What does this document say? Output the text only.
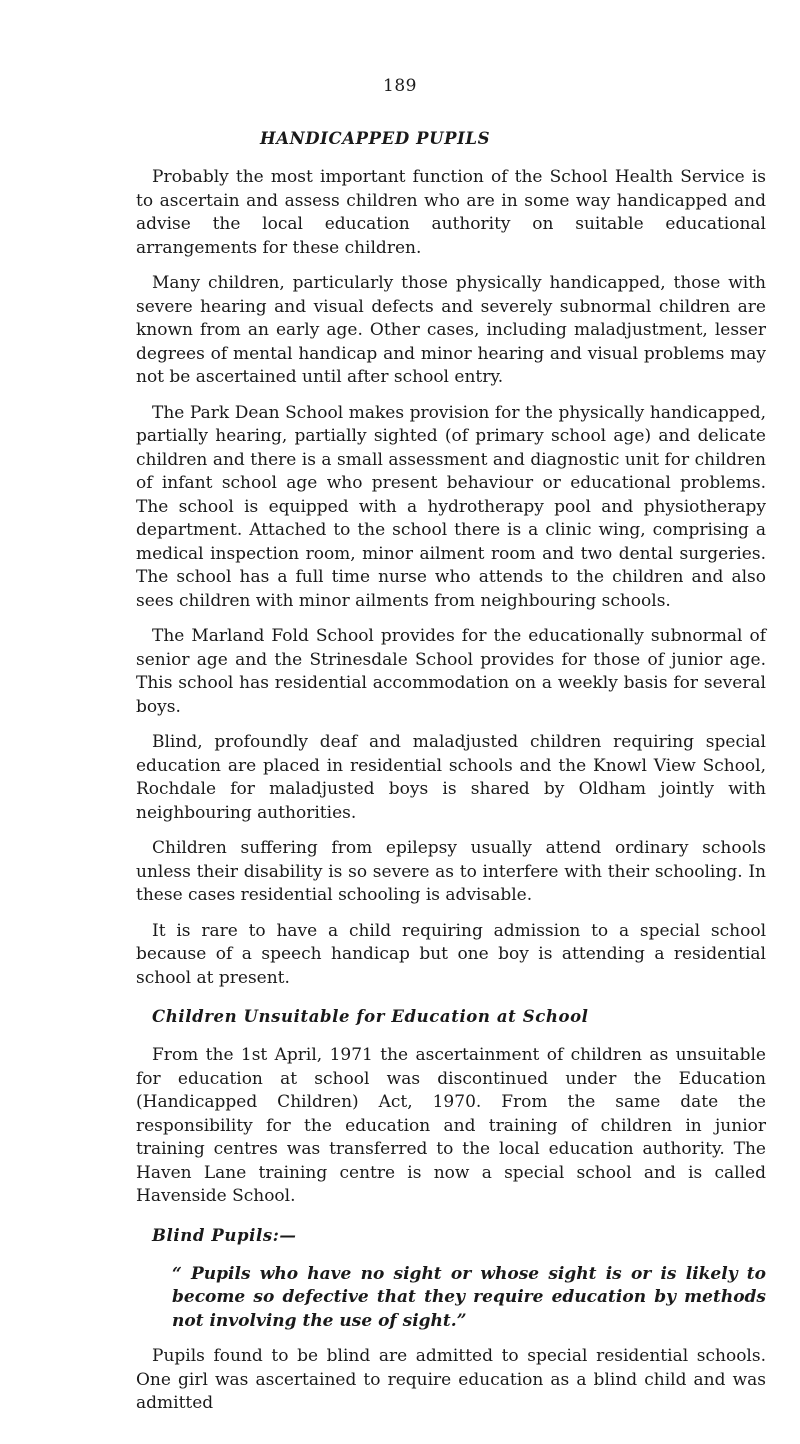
189
HANDICAPPED PUPILS

Probably the most important function of the School Health Service is to ascertain and assess children who are in some way handicapped and advise the local education authority on suitable educational arrangements for these children.

Many children, particularly those physically handicapped, those with severe hearing and visual defects and severely subnormal children are known from an early age. Other cases, including maladjustment, lesser degrees of mental handicap and minor hearing and visual problems may not be ascertained until after school entry.

The Park Dean School makes provision for the physically handicapped, partially hearing, partially sighted (of primary school age) and delicate children and there is a small assessment and diagnostic unit for children of infant school age who present behaviour or educational problems. The school is equipped with a hydrotherapy pool and physiotherapy department. Attached to the school there is a clinic wing, comprising a medical inspection room, minor ailment room and two dental surgeries. The school has a full time nurse who attends to the children and also sees children with minor ailments from neighbouring schools.

The Marland Fold School provides for the educationally subnormal of senior age and the Strinesdale School provides for those of junior age. This school has residential accommodation on a weekly basis for several boys.

Blind, profoundly deaf and maladjusted children requiring special education are placed in residential schools and the Knowl View School, Rochdale for maladjusted boys is shared by Oldham jointly with neighbouring authorities.

Children suffering from epilepsy usually attend ordinary schools unless their disability is so severe as to interfere with their schooling. In these cases residential schooling is advisable.

It is rare to have a child requiring admission to a special school because of a speech handicap but one boy is attending a residential school at present.

Children Unsuitable for Education at School

From the 1st April, 1971 the ascertainment of children as unsuitable for education at school was discontinued under the Education (Handicapped Children) Act, 1970. From the same date the responsibility for the education and training of children in junior training centres was transferred to the local education authority. The Haven Lane training centre is now a special school and is called Havenside School.

Blind Pupils:—
“ Pupils who have no sight or whose sight is or is likely to become so defective that they require education by methods not involving the use of sight.”

Pupils found to be blind are admitted to special residential schools. One girl was ascertained to require education as a blind child and was admitted
